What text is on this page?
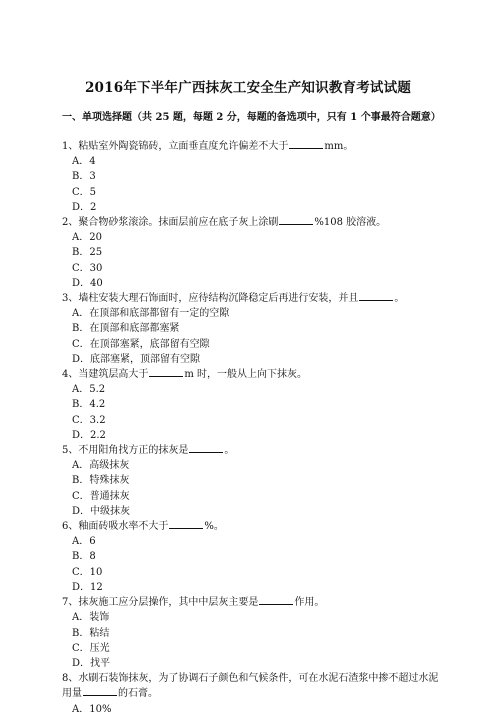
2016年下半年广西抹灰工安全生产知识教育考试试题
一、单项选择题（共 25 题，每题 2 分，每题的备选项中，只有 1 个事最符合题意）

1、粘贴室外陶瓷锦砖，立面垂直度允许偏差不大于	mm。

A．4

B．3

C．5

D．2

2、聚合物砂浆滚涂。抹面层前应在底子灰上涂刷	%108 胶溶液。

A．20

B．25

C．30

D．40

3、墙柱安装大理石饰面时，应待结构沉降稳定后再进行安装，并且	。

A．在顶部和底部都留有一定的空隙

B．在顶部和底部都塞紧

C．在顶部塞紧，底部留有空隙

D．底部塞紧，顶部留有空隙

4、当建筑层高大于	m 时，一般从上向下抹灰。

A．5.2

B．4.2

C．3.2

D．2.2

5、不用阳角找方正的抹灰是	。

A．高级抹灰

B．特殊抹灰

C．普通抹灰

D．中级抹灰

6、釉面砖吸水率不大于	%。

A．6

B．8

C．10

D．12

7、抹灰施工应分层操作，其中中层灰主要是	作用。

A．装饰

B．粘结

C．压光

D．找平

8、水刷石装饰抹灰，为了协调石子颜色和气候条件，可在水泥石渣浆中掺不超过水泥用量	的石膏。

A．10%
